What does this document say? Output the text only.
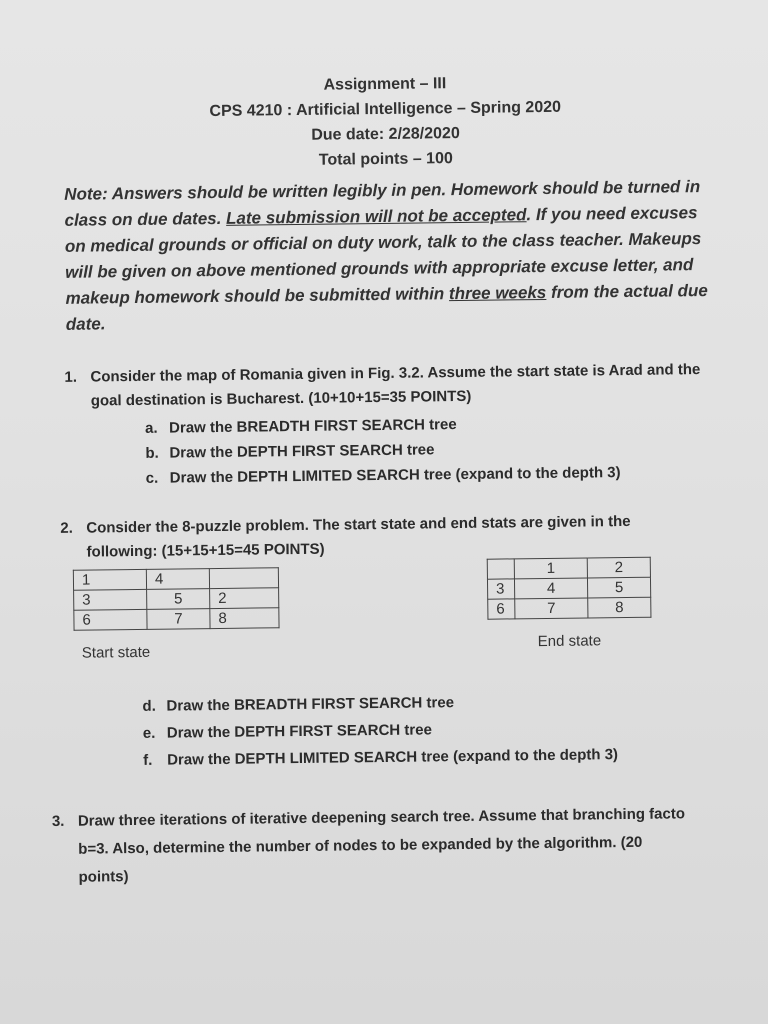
Assignment – III
CPS 4210 : Artificial Intelligence – Spring 2020
Due date: 2/28/2020
Total points – 100
Note: Answers should be written legibly in pen. Homework should be turned in class on due dates. Late submission will not be accepted. If you need excuses on medical grounds or official on duty work, talk to the class teacher. Makeups will be given on above mentioned grounds with appropriate excuse letter, and makeup homework should be submitted within three weeks from the actual due date.
1. Consider the map of Romania given in Fig. 3.2. Assume the start state is Arad and the
goal destination is Bucharest. (10+10+15=35 POINTS)
a. Draw the BREADTH FIRST SEARCH tree
b. Draw the DEPTH FIRST SEARCH tree
c. Draw the DEPTH LIMITED SEARCH tree (expand to the depth 3)
2. Consider the 8-puzzle problem. The start state and end stats are given in the
following: (15+15+15=45 POINTS)
1	4	
3	5	2
6	7	8
Start state
	1	2
3	4	5
6	7	8
End state
d. Draw the BREADTH FIRST SEARCH tree
e. Draw the DEPTH FIRST SEARCH tree
f. Draw the DEPTH LIMITED SEARCH tree (expand to the depth 3)
3. Draw three iterations of iterative deepening search tree. Assume that branching facto
b=3. Also, determine the number of nodes to be expanded by the algorithm. (20
points)
